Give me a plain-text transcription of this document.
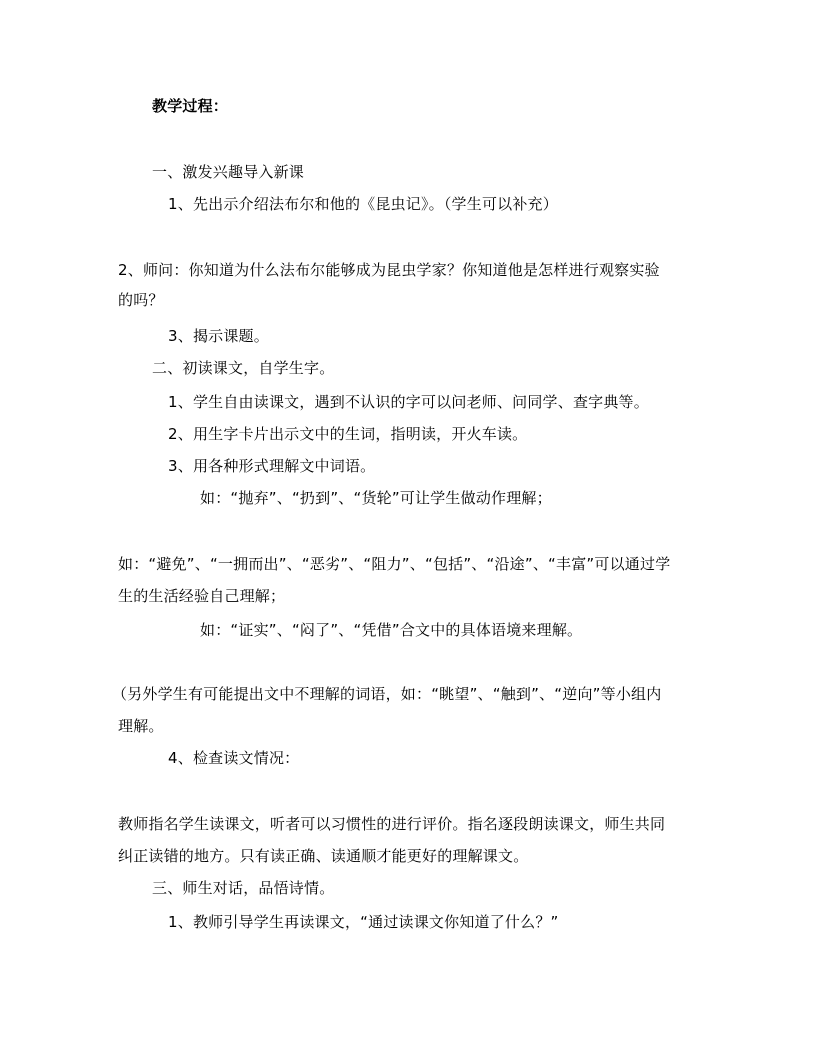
教学过程：
一、激发兴趣导入新课
1、先出示介绍法布尔和他的《昆虫记》。（学生可以补充）
2、师问：你知道为什么法布尔能够成为昆虫学家？你知道他是怎样进行观察实验
的吗？
3、揭示课题。
二、初读课文，自学生字。
1、学生自由读课文，遇到不认识的字可以问老师、问同学、查字典等。
2、用生字卡片出示文中的生词，指明读，开火车读。
3、用各种形式理解文中词语。
如：“抛弃”、“扔到”、“货轮”可让学生做动作理解；
如：“避免”、“一拥而出”、“恶劣”、“阻力”、“包括”、“沿途”、“丰富”可以通过学
生的生活经验自己理解；
如：“证实”、“闷了”、“凭借”合文中的具体语境来理解。
（另外学生有可能提出文中不理解的词语，如：“眺望”、“触到”、“逆向”等小组内
理解。
4、检查读文情况：
教师指名学生读课文，听者可以习惯性的进行评价。指名逐段朗读课文，师生共同
纠正读错的地方。只有读正确、读通顺才能更好的理解课文。
三、师生对话，品悟诗情。
1、教师引导学生再读课文，“通过读课文你知道了什么？”
